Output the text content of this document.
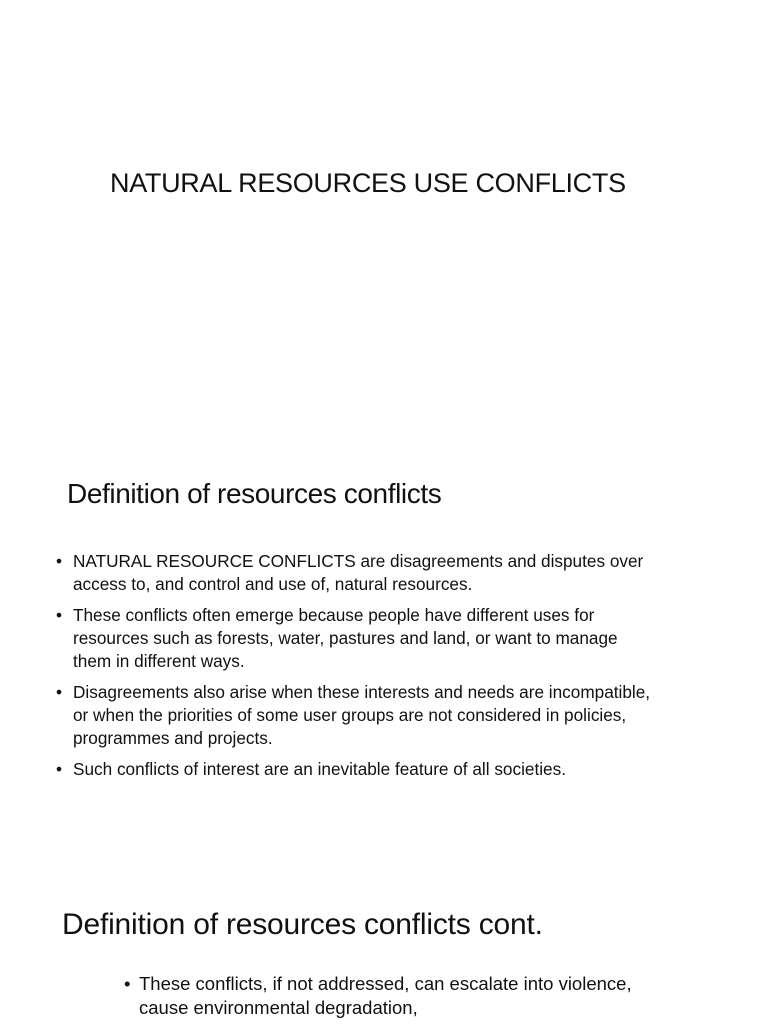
NATURAL RESOURCES USE CONFLICTS
Definition of resources conflicts
• NATURAL RESOURCE CONFLICTS are disagreements and disputes over access to, and control and use of, natural resources.
• These conflicts often emerge because people have different uses for resources such as forests, water, pastures and land, or want to manage them in different ways.
• Disagreements also arise when these interests and needs are incompatible, or when the priorities of some user groups are not considered in policies, programmes and projects.
• Such conflicts of interest are an inevitable feature of all societies.
Definition of resources conflicts cont.
• These conflicts, if not addressed, can escalate into violence, cause environmental degradation,
